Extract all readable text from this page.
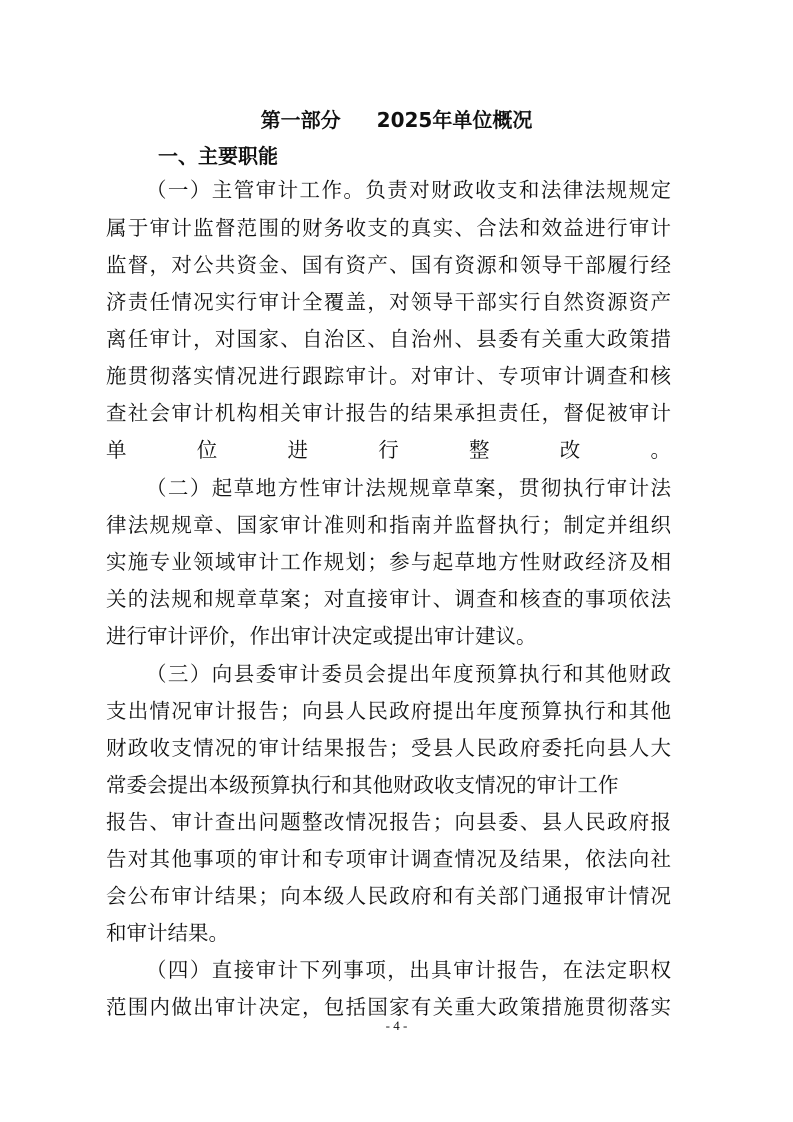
第一部分 2025年单位概况
一、主要职能
（一）主管审计工作。负责对财政收支和法律法规规定
属于审计监督范围的财务收支的真实、合法和效益进行审计
监督，对公共资金、国有资产、国有资源和领导干部履行经
济责任情况实行审计全覆盖，对领导干部实行自然资源资产
离任审计，对国家、自治区、自治州、县委有关重大政策措
施贯彻落实情况进行跟踪审计。对审计、专项审计调查和核
查社会审计机构相关审计报告的结果承担责任，督促被审计
单位进行整改。
（二）起草地方性审计法规规章草案，贯彻执行审计法
律法规规章、国家审计准则和指南并监督执行；制定并组织
实施专业领域审计工作规划；参与起草地方性财政经济及相
关的法规和规章草案；对直接审计、调查和核查的事项依法
进行审计评价，作出审计决定或提出审计建议。
（三）向县委审计委员会提出年度预算执行和其他财政
支出情况审计报告；向县人民政府提出年度预算执行和其他
财政收支情况的审计结果报告；受县人民政府委托向县人大
常委会提出本级预算执行和其他财政收支情况的审计工作
报告、审计查出问题整改情况报告；向县委、县人民政府报
告对其他事项的审计和专项审计调查情况及结果，依法向社
会公布审计结果；向本级人民政府和有关部门通报审计情况
和审计结果。
（四）直接审计下列事项，出具审计报告，在法定职权
范围内做出审计决定，包括国家有关重大政策措施贯彻落实
- 4 -
